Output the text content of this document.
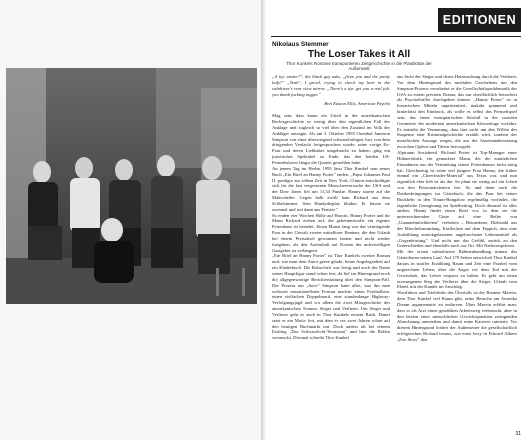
EDITIONEN
Nikolaus Stemmer
The Loser Takes it All
Thor Kunkels Romane transportieren Zeitgeschichte in die Plastiktüte der Außenwelt

„A tip, mister?", the black guy asks, „from you and the pretty lady?" „Yeah", I growl, trying to check my hair in the cabdriver's rear view mirror. „There's a tip: get you a real job, you dumb fucking nigger."

Bret Easton Ellis, American Psycho

Mag sein, dass kaum ein Urteil in der amerikanischen Rechtsgeschichte so wenig über den eigentlichen Fall der Anklage und zugleich so viel über den Zustand im Volk der Ankläger aussagte. Als am 3. Oktober 1995 Orenthal Jameson Simpson von einer überwiegend schwarzfarbigen Jury von dem dringenden Verdacht freigesprochen wurde, seine vorige Ex-Frau und deren Liebhaber umgebracht zu haben, ging ein juristisches Spektakel zu Ende, das den beiden US-Fernsehshows längst die Quoten gestohlen hatte.

An jenem Tag im Herbst 1995 lässt Thor Kunkel sein neues Buch „Ein Brief an Hanny Porter" enden. „Papst Johannes Paul II. predigte zur selben Zeit in New York, Clinton entschuldigte sich für die fast vergessenen Menschenversuche der USA und der Dow Jones fiel um 11,34 Punkte. Hanny starrte auf die Mattscheibe. Gegen halb zwölf kam Richard aus dem Schlafzimmer. Sein Handydisplay blinkte. Er küsste sie zweimal und trat dann ans Fenster."

So enden vier Wochen Hölle auf Hawaii. Hanny Porter und ihr Mann Richard ziehen auf, die geheimnisvolle ein eigenes Ferienhaus ist beendet. Einen Monat lang war das vermögende Paar in der Gewalt zweier mittelloser Rentner, die den Urlaub bei einem Preisrätsel gewonnen hatten und nicht wieder fortgehen, als den Aufenthalt auf Kosten der unfreiwilligen Gastgeber zu verlängern.

„Ein Brief an Hanny Porter" ist Thor Kunkels zweiter Roman und, wie man dem Autor gerne glaubt, keine Angelegenheit auf ein Kinderbuch. Die Rohschrift war fertig und auch der Name seiner Hauptfigur stand schon fest, da lief im Hintergrund noch die allgegenwärtige Berichterstattung über den Simpson-Fall. Der Prozess um „Juice" Simpson hatte alles, was ihn zum weltweit sensationellsten Format machte: einen Footballstar, einen vielfachen Doppelmord, eine stundenlange Highway-Verfolgungsjagd und vor allem die zwei Missgeschicke des amerikanischen Traums: Sieger und Verlierer. Um Sieger und Verlierer geht es auch in Thor Kunkels neuem Buch. Damit setzt er ein Motiv fort, mit dem er vor zwei Jahren schon auf den heutigen Buchmarkt trat. Doch anders als bei seinem Erstling „Das Schwarzlicht-Terrarium" und hier die Rollen vertauscht. Diesmal schreibt Thor Kunkel

aus Sicht der Sieger und deren Heimsuchung durch die Verlierer. Vor dem Hintergrund des medialen Geschehens um den Simpson-Prozess verarbeitet er die Gesellschaftsproblematik der USA zu einem privaten Drama, das nur oberflächlich betrachtet als Psychothriller durchgehen könnte. „Hanny Porter" ist in literarischen Mitteln unpräsentiert, makabr spannend und hinterlässt den Eindruck, als wolle es selbst das Fernsehspiel sein, das einen exemplarischen Störfall in der sozialen Geometrie der modernen amerikanischen Klassenlage vorführt. Es entsteht die Vermutung, dass hier nicht um den Willen des Suspense eine Kriminalgeschichte erzählt wird, sondern der moralischen Aussage wegen, die aus der Auseinandersetzung zwischen Opfern und Tätern hervorgeht.

Alptraum Sozialneid. Richard Porter ist Top-Manager einer Hühnerfabrik, ein gemachter Mann, der die zusätzlichen Einnahmen aus der Vermietung seines Ferienhauses nicht nötig hat. Gleichzeitig ist seine viel jüngere Frau Hanny, die früher einmal ein „Cheerleader-Material" aus Texas war, und nun eigentlich eher lieb ist als ihn. So plant sie wenig auf ein Leben von den Pensionärsleuten frei. So und denn auch die Dankesbringungen im Gästebuch, die das Paar bei seiner Rückkehr in den Traum-Bungalow regelmäßig vorfindet, die eigentliche Genugtuung im Spielbeitrag. Doch diesmal ist alles anders: Hanny findet einen Brief vor, in dem sie die unterzeichnenden Gäste auf eine Reihe von „Unannehmlichkeiten" verbeiten – Betrunkene, Diebstahl aus der Muschelsammlung, Kotflecken auf dem Teppich, dass eine Aufzählung zurückgelassener angebrochener Lebensmittel als „Gegenleistung". Und nicht nur das Gefühl, zurück zu den Unterschieden und ebenfalls noch vor Ort. Mit Narkosespritzen.

Mit der ersten subtrahieren Rahmenhandlung nimmt das Gästedrama seinen Lauf. Auf 170 Seiten entwickelt Thor Kunkel daraus in straffer Erzählung Raum und Zeit eine Parabel vom ungerechten Leben, über die Angst vor dem Tod mit der Gewissheit, das Leben verpasst zu haben. Es geht um einen erzwungenen Sieg der Verlierer über die Sieger. Urlaub vom Elend, mit der Kanüle im Anschlag.

Wortführer und Triebfeder des Überfalls ist der Rentner Marvin, dem Thor Kunkel viel Raum gibt, seine Besuche am Amerika Dream argumentativ zu entlarven. Über Marvin erfährt man, dass er als Arzt einen gestählten Arbeitsweg verbraucht, aber in den letzten einer menschlichen Gewichtspunkten zwingenden Abrechnung unternahm und damit seine Karriere ruinierte. Vor diesem Hintergrund fordert der Außenseiter die gesellschaftlich erfolgreichen Richard heraus, wie einst Jerry in Edward Albees „Zoo Story" den

31
